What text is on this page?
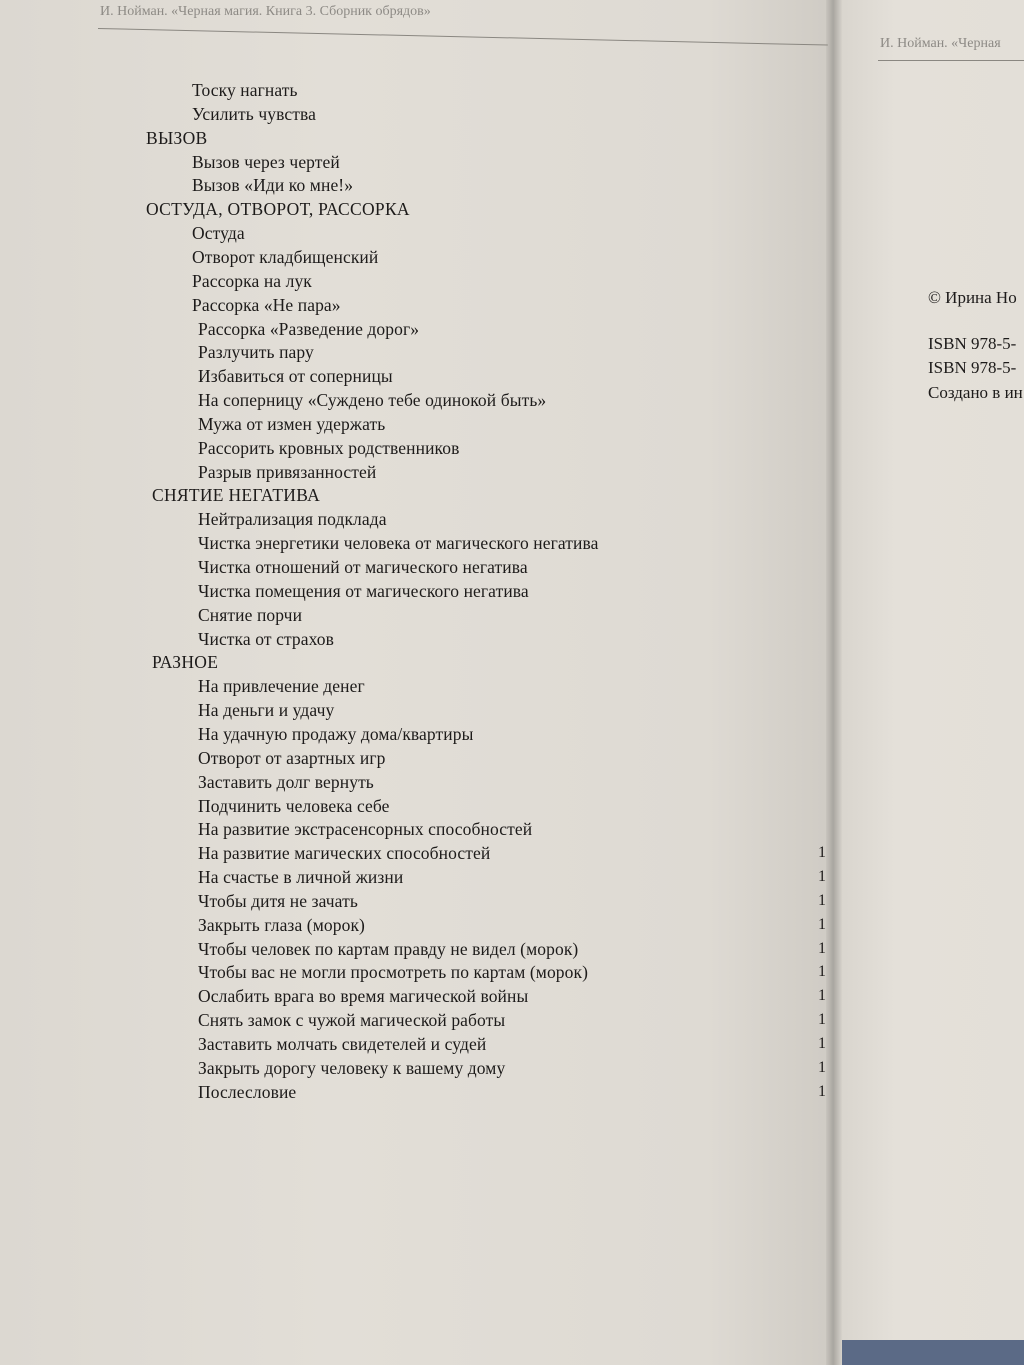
И. Нойман. «Черная магия. Книга 3. Сборник обрядов»
И. Нойман. «Черная
Тоску нагнать
Усилить чувства
ВЫЗОВ
Вызов через чертей
Вызов «Иди ко мне!»
ОСТУДА, ОТВОРОТ, РАССОРКА
Остуда
Отворот кладбищенский
Рассорка на лук
Рассорка «Не пара»
Рассорка «Разведение дорог»
Разлучить пару
Избавиться от соперницы
На соперницу «Суждено тебе одинокой быть»
Мужа от измен удержать
Рассорить кровных родственников
Разрыв привязанностей
СНЯТИЕ НЕГАТИВА
Нейтрализация подклада
Чистка энергетики человека от магического негатива
Чистка отношений от магического негатива
Чистка помещения от магического негатива
Снятие порчи
Чистка от страхов
РАЗНОЕ
На привлечение денег
На деньги и удачу
На удачную продажу дома/квартиры
Отворот от азартных игр
Заставить долг вернуть
Подчинить человека себе
На развитие экстрасенсорных способностей
На развитие магических способностей	1
На счастье в личной жизни	1
Чтобы дитя не зачать	1
Закрыть глаза (морок)	1
Чтобы человек по картам правду не видел (морок)	1
Чтобы вас не могли просмотреть по картам (морок)	1
Ослабить врага во время магической войны	1
Снять замок с чужой магической работы	1
Заставить молчать свидетелей и судей	1
Закрыть дорогу человеку к вашему дому	1
Послесловие	1
© Ирина Но
ISBN 978-5-
ISBN 978-5-
Создано в ин
